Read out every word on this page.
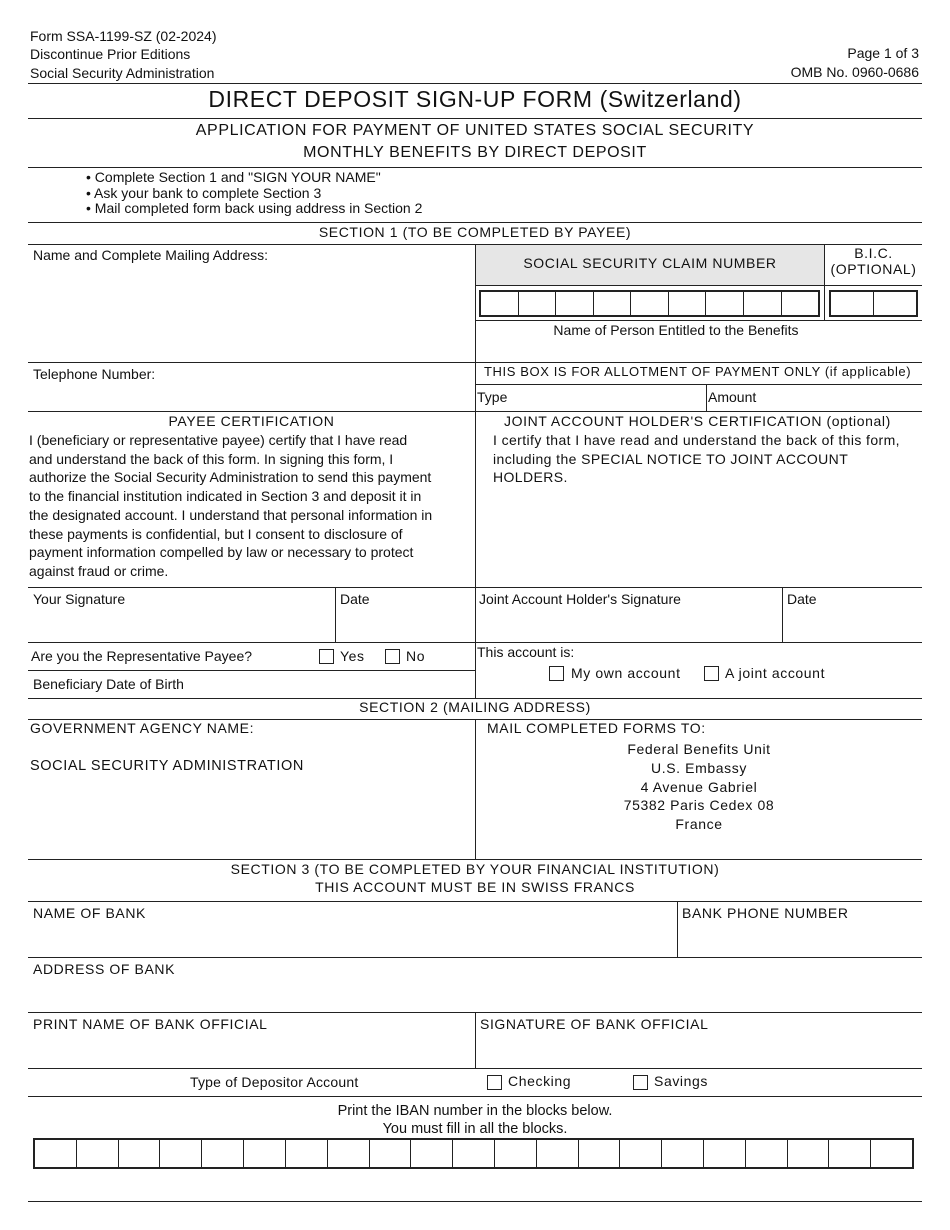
Form SSA-1199-SZ (02-2024)
Discontinue Prior Editions
Social Security Administration
Page 1 of 3
OMB No. 0960-0686
DIRECT DEPOSIT SIGN-UP FORM (Switzerland)
APPLICATION FOR PAYMENT OF UNITED STATES SOCIAL SECURITY
MONTHLY BENEFITS BY DIRECT DEPOSIT
• Complete Section 1 and "SIGN YOUR NAME"
• Ask your bank to complete Section 3
• Mail completed form back using address in Section 2
SECTION 1 (TO BE COMPLETED BY PAYEE)
Name and Complete Mailing Address:	SOCIAL SECURITY CLAIM NUMBER
B.I.C.
(OPTIONAL)
Name of Person Entitled to the Benefits
Telephone Number:	THIS BOX IS FOR ALLOTMENT OF PAYMENT ONLY (if applicable)
Type	Amount
PAYEE CERTIFICATION
I (beneficiary or representative payee) certify that I have read
and understand the back of this form. In signing this form, I
authorize the Social Security Administration to send this payment
to the financial institution indicated in Section 3 and deposit it in
the designated account. I understand that personal information in
these payments is confidential, but I consent to disclosure of
payment information compelled by law or necessary to protect
against fraud or crime.
JOINT ACCOUNT HOLDER'S CERTIFICATION (optional)
I certify that I have read and understand the back of this form,
including the SPECIAL NOTICE TO JOINT ACCOUNT
HOLDERS.
Your Signature	Date	Joint Account Holder's Signature	Date
Are you the Representative Payee?	Yes	No
Beneficiary Date of Birth
This account is:
My own account	A joint account
SECTION 2 (MAILING ADDRESS)
GOVERNMENT AGENCY NAME:
SOCIAL SECURITY ADMINISTRATION
MAIL COMPLETED FORMS TO:
Federal Benefits Unit
U.S. Embassy
4 Avenue Gabriel
75382 Paris Cedex 08
France
SECTION 3 (TO BE COMPLETED BY YOUR FINANCIAL INSTITUTION)
THIS ACCOUNT MUST BE IN SWISS FRANCS
NAME OF BANK	BANK PHONE NUMBER
ADDRESS OF BANK
PRINT NAME OF BANK OFFICIAL	SIGNATURE OF BANK OFFICIAL
Type of Depositor Account	Checking	Savings
Print the IBAN number in the blocks below.
You must fill in all the blocks.
